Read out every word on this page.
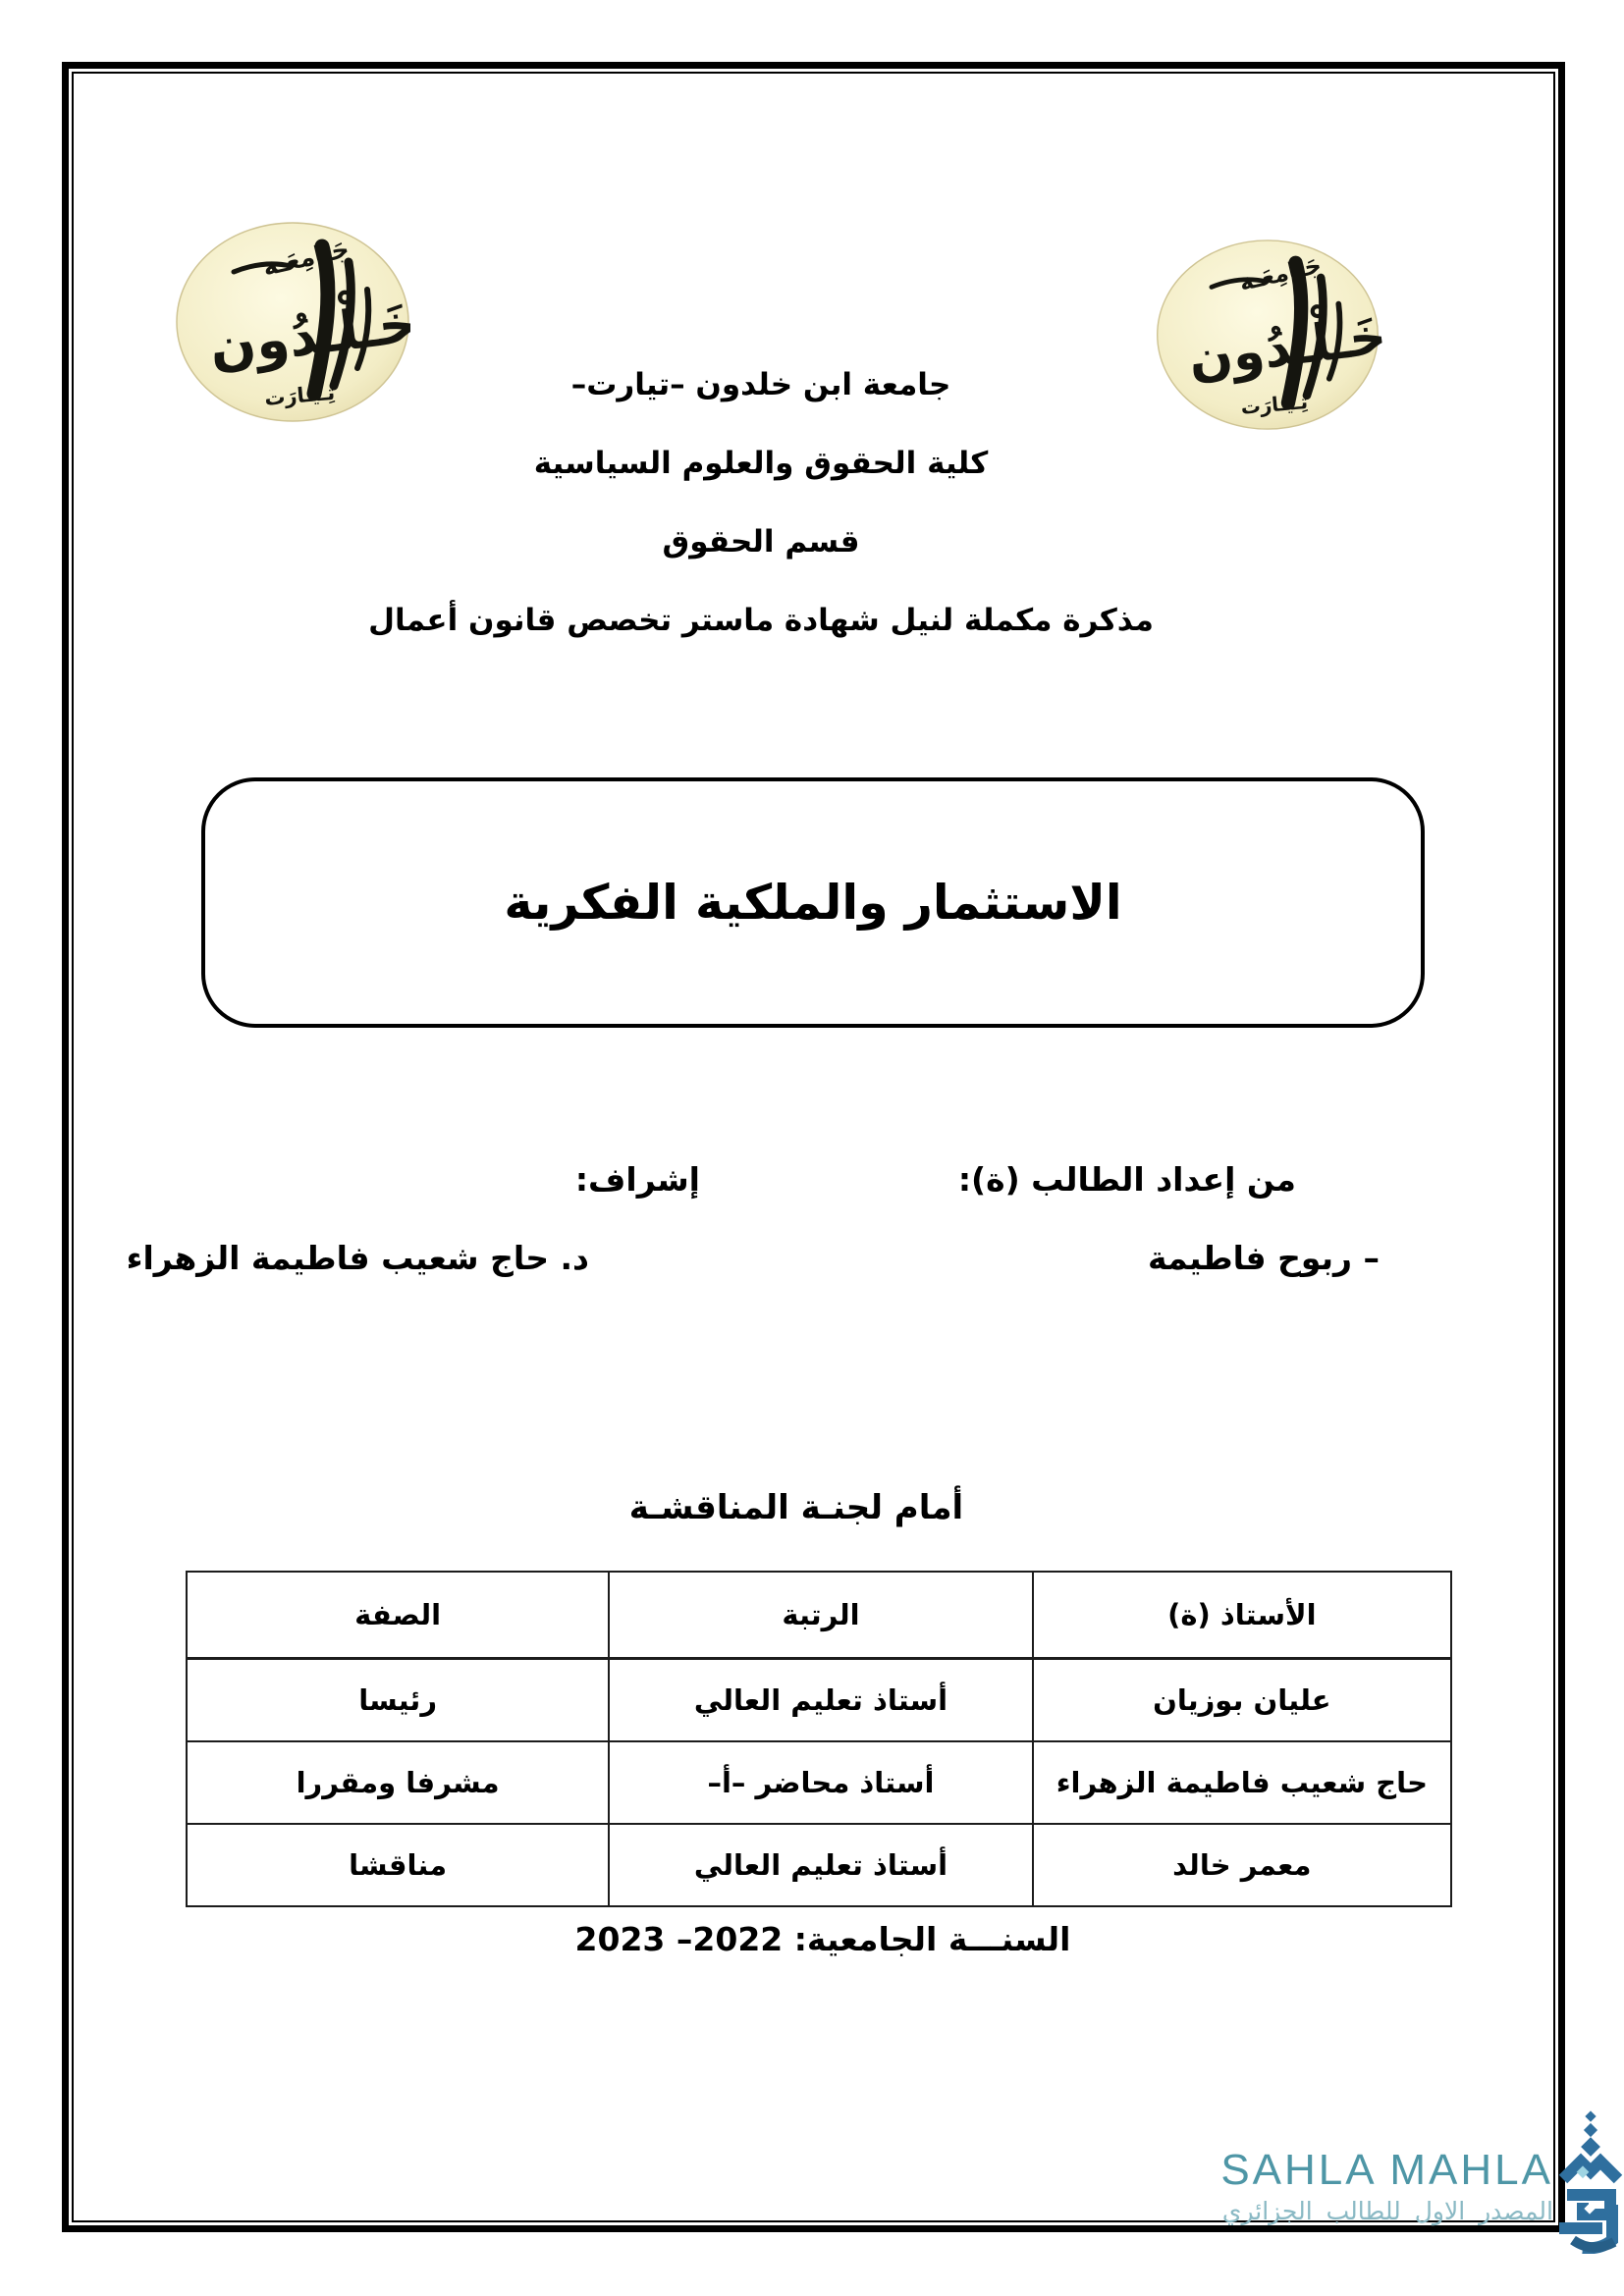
جامعة ابن خلدون –تيارت–
كلية الحقوق والعلوم السياسية
قسم الحقوق
مذكرة مكملة لنيل شهادة ماستر تخصص قانون أعمال
الاستثمار والملكية الفكرية
من إعداد الطالب (ة):
إشراف:
– ربوح فاطيمة
د. حاج شعيب فاطيمة الزهراء
أمام لجنـة المناقشـة
الأستاذ (ة)	الرتبة	الصفة
عليان بوزيان	أستاذ تعليم العالي	رئيسا
حاج شعيب فاطيمة الزهراء	أستاذ محاضر –أ–	مشرفا ومقررا
معمر خالد	أستاذ تعليم العالي	مناقشا
السنـــة الجامعية: 2022– 2023
SAHLA MAHLA
المصدر الاول للطالب الجزائري
